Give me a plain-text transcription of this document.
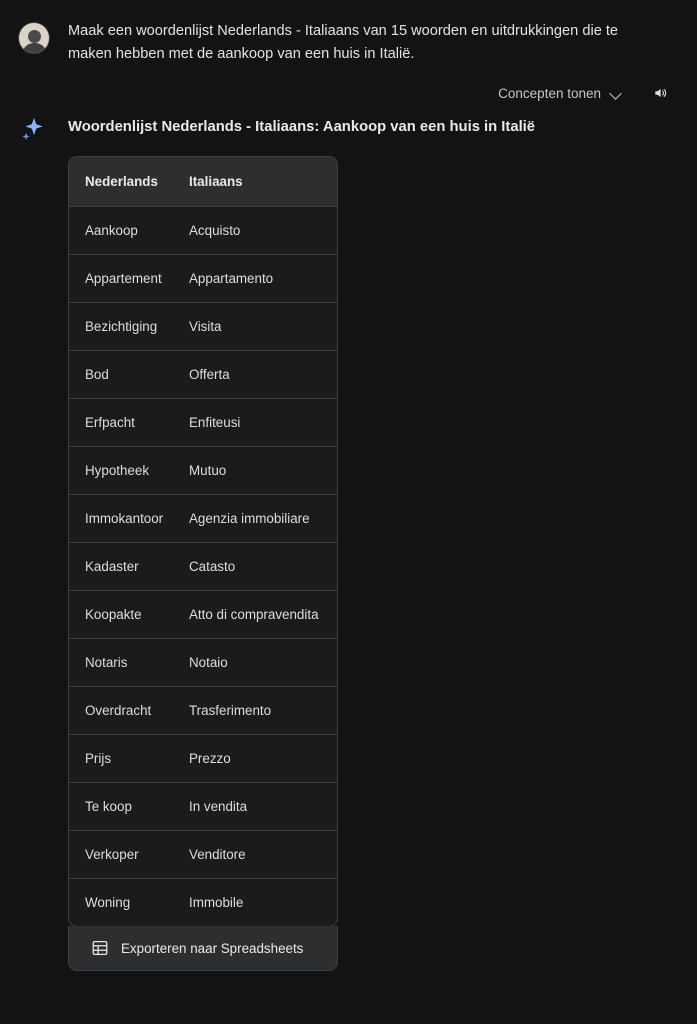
Maak een woordenlijst Nederlands - Italiaans van 15 woorden en uitdrukkingen die te maken hebben met de aankoop van een huis in Italië.
Concepten tonen
Woordenlijst Nederlands - Italiaans: Aankoop van een huis in Italië
Nederlands	Italiaans
Aankoop	Acquisto
Appartement	Appartamento
Bezichtiging	Visita
Bod	Offerta
Erfpacht	Enfiteusi
Hypotheek	Mutuo
Immokantoor	Agenzia immobiliare
Kadaster	Catasto
Koopakte	Atto di compravendita
Notaris	Notaio
Overdracht	Trasferimento
Prijs	Prezzo
Te koop	In vendita
Verkoper	Venditore
Woning	Immobile
Exporteren naar Spreadsheets
